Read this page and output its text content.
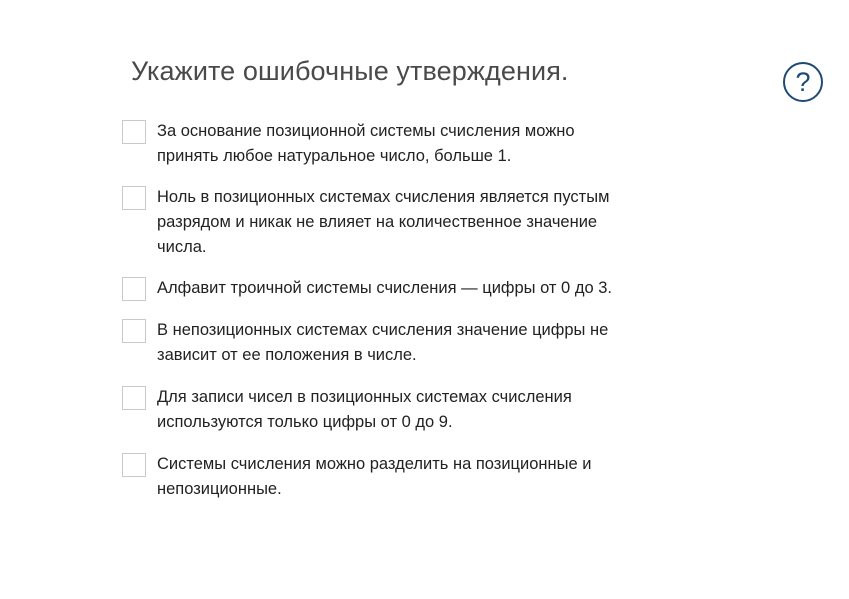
Укажите ошибочные утверждения.	?
За основание позиционной системы счисления можно принять любое натуральное число, больше 1.
Ноль в позиционных системах счисления является пустым разрядом и никак не влияет на количественное значение числа.
Алфавит троичной системы счисления — цифры от 0 до 3.
В непозиционных системах счисления значение цифры не зависит от ее положения в числе.
Для записи чисел в позиционных системах счисления используются только цифры от 0 до 9.
Системы счисления можно разделить на позиционные и непозиционные.
